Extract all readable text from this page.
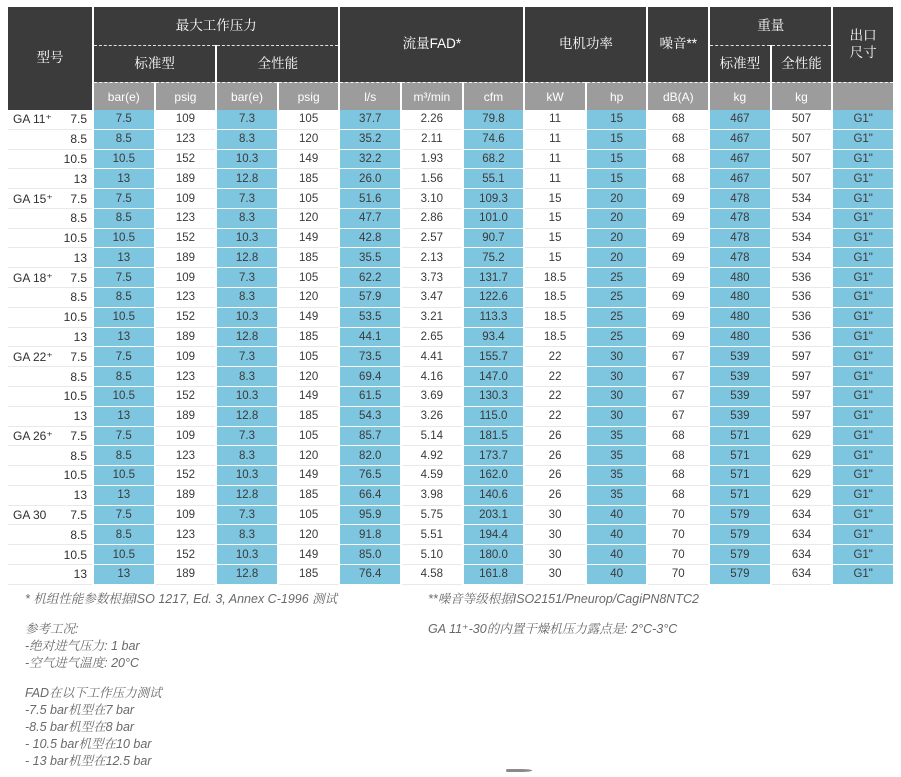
型号	最大工作压力				流量FAD*			电机功率		噪音**	重量		出口
尺寸
	标准型		全性能								标准型	全性能	
	bar(e)	psig	bar(e)	psig	l/s	m³/min	cfm	kW	hp	dB(A)	kg	kg	

GA 11⁺ 7.5	7.5	109	7.3	105	37.7	2.26	79.8	11	15	68	467	507	G1"

8.5	8.5	123	8.3	120	35.2	2.11	74.6	11	15	68	467	507	G1"

10.5	10.5	152	10.3	149	32.2	1.93	68.2	11	15	68	467	507	G1"

13	13	189	12.8	185	26.0	1.56	55.1	11	15	68	467	507	G1"

GA 15⁺ 7.5	7.5	109	7.3	105	51.6	3.10	109.3	15	20	69	478	534	G1"

8.5	8.5	123	8.3	120	47.7	2.86	101.0	15	20	69	478	534	G1"

10.5	10.5	152	10.3	149	42.8	2.57	90.7	15	20	69	478	534	G1"

13	13	189	12.8	185	35.5	2.13	75.2	15	20	69	478	534	G1"

GA 18⁺ 7.5	7.5	109	7.3	105	62.2	3.73	131.7	18.5	25	69	480	536	G1"

8.5	8.5	123	8.3	120	57.9	3.47	122.6	18.5	25	69	480	536	G1"

10.5	10.5	152	10.3	149	53.5	3.21	113.3	18.5	25	69	480	536	G1"

13	13	189	12.8	185	44.1	2.65	93.4	18.5	25	69	480	536	G1"

GA 22⁺ 7.5	7.5	109	7.3	105	73.5	4.41	155.7	22	30	67	539	597	G1"

8.5	8.5	123	8.3	120	69.4	4.16	147.0	22	30	67	539	597	G1"

10.5	10.5	152	10.3	149	61.5	3.69	130.3	22	30	67	539	597	G1"

13	13	189	12.8	185	54.3	3.26	115.0	22	30	67	539	597	G1"

GA 26⁺ 7.5	7.5	109	7.3	105	85.7	5.14	181.5	26	35	68	571	629	G1"

8.5	8.5	123	8.3	120	82.0	4.92	173.7	26	35	68	571	629	G1"

10.5	10.5	152	10.3	149	76.5	4.59	162.0	26	35	68	571	629	G1"

13	13	189	12.8	185	66.4	3.98	140.6	26	35	68	571	629	G1"

GA 30 7.5	7.5	109	7.3	105	95.9	5.75	203.1	30	40	70	579	634	G1"

8.5	8.5	123	8.3	120	91.8	5.51	194.4	30	40	70	579	634	G1"

10.5	10.5	152	10.3	149	85.0	5.10	180.0	30	40	70	579	634	G1"

13	13	189	12.8	185	76.4	4.58	161.8	30	40	70	579	634	G1"
* 机组性能参数根据ISO 1217, Ed. 3, Annex C-1996 测试
参考工况:
-绝对进气压力: 1 bar
-空气进气温度: 20°C
FAD在以下工作压力测试
-7.5 bar机型在7 bar
-8.5 bar机型在8 bar
- 10.5 bar机型在10 bar
- 13 bar机型在12.5 bar
**噪音等级根据ISO2151/Pneurop/CagiPN8NTC2
GA 11⁺-30的内置干燥机压力露点是: 2°C-3°C
